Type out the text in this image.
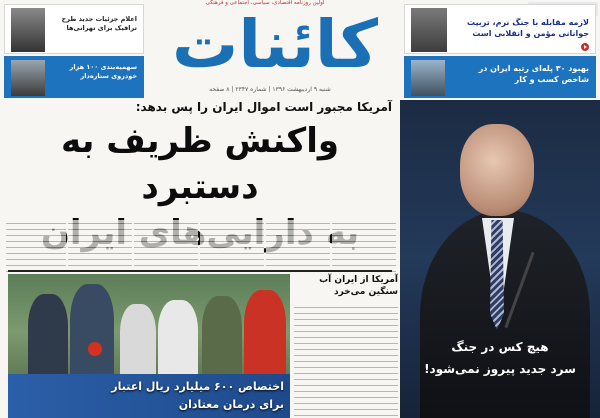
اولین روزنامه اقتصادی، سیاسی، اجتماعی و فرهنگی
کائنات
شنبه ۹ اردیبهشت ۱۳۹۶ | شماره ۲۳۴۷ | ۸ صفحه
لازمه مقابله با جنگ نرم، تربیت جوانانی مؤمن و انقلابی است
بهبود ۳۰ پله‌ای رتبه ایران در شاخص کسب و کار
اعلام جزئیات جدید طرح ترافیک برای تهرانی‌ها
سهمیه‌بندی ۱۰۰ هزار خودروی ستاره‌دار
آمریکا مجبور است اموال ایران را پس بدهد:
واکنش ظریف به دستبرد
هیچ کس در جنگ
سرد جدید پیروز نمی‌شود!
آمریکا از ایران آب سنگین می‌خرد
اختصاص ۶۰۰ میلیارد ریال اعتبار
برای درمان معتادان
